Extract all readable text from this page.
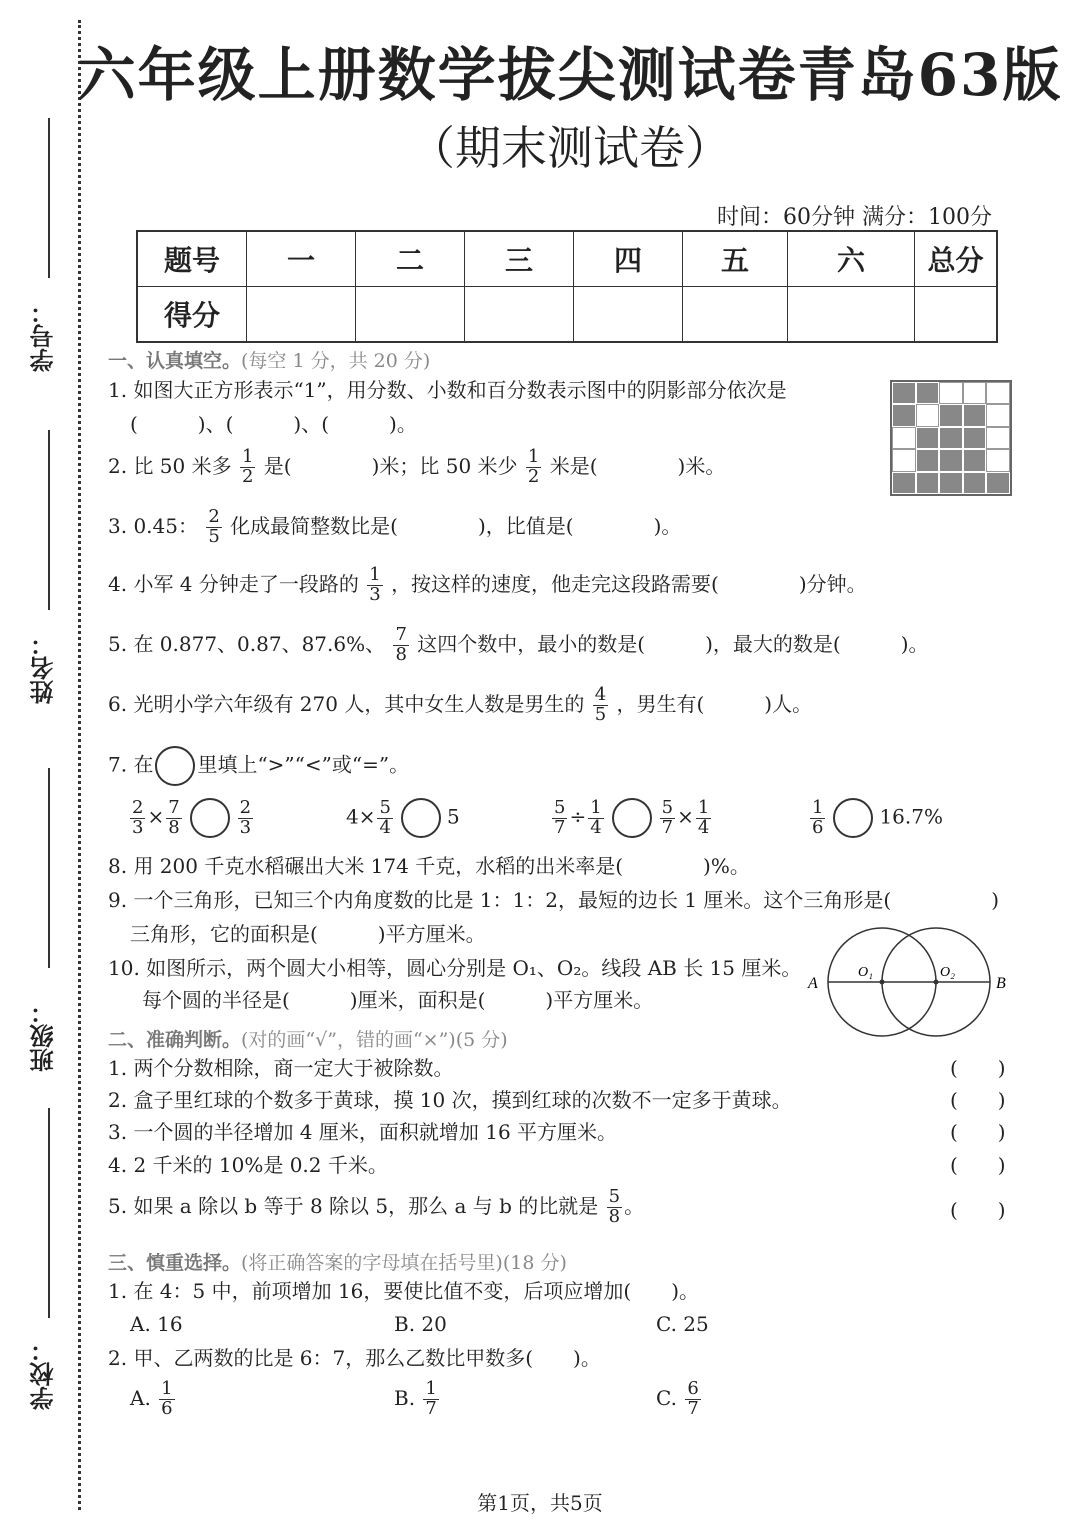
学号：
姓名：
班级：
学校：
六年级上册数学拔尖测试卷青岛63版
（期末测试卷）
时间：60分钟 满分：100分
题号	一	二	三	四	五	六	总分
得分							
一、认真填空。(每空 1 分，共 20 分)
1. 如图大正方形表示“1”，用分数、小数和百分数表示图中的阴影部分依次是
(　　　)、(　　　)、(　　　)。
2. 比 50 米多 $\frac{1}{2}$ 是(　　　　)米；比 50 米少 $\frac{1}{2}$ 米是(　　　　)米。
3. 0.45： $\frac{2}{5}$ 化成最简整数比是(　　　　)，比值是(　　　　)。
4. 小军 4 分钟走了一段路的 $\frac{1}{3}$ ，按这样的速度，他走完这段路需要(　　　　)分钟。
5. 在 0.877、0.87、87.6%、 $\frac{7}{8}$ 这四个数中，最小的数是(　　　)，最大的数是(　　　)。
6. 光明小学六年级有 270 人，其中女生人数是男生的 $\frac{4}{5}$ ，男生有(　　　)人。
7. 在 里填上“>”“<”或“=”。
$\frac{2}{3} \times \frac{7}{8}$	$\frac{2}{3}$	$4\times \frac{5}{4}$	5	$\frac{5}{7} \div \frac{1}{4}$	$\frac{5}{7} \times \frac{1}{4}$	$\frac{1}{6}$	16.7%
8. 用 200 千克水稻碾出大米 174 千克，水稻的出米率是(　　　　)%。
9. 一个三角形，已知三个内角度数的比是 1：1：2，最短的边长 1 厘米。这个三角形是(　　　　　)
三角形，它的面积是(　　　)平方厘米。
10. 如图所示，两个圆大小相等，圆心分别是 O₁、O₂。线段 AB 长 15 厘米。
每个圆的半径是(　　　)厘米，面积是(　　　)平方厘米。
A	B
O₁	O₂
二、准确判断。(对的画“√”，错的画“×”)(5 分)
1. 两个分数相除，商一定大于被除数。	(　　)
2. 盒子里红球的个数多于黄球，摸 10 次，摸到红球的次数不一定多于黄球。	(　　)
3. 一个圆的半径增加 4 厘米，面积就增加 16 平方厘米。	(　　)
4. 2 千米的 10%是 0.2 千米。	(　　)
5. 如果 a 除以 b 等于 8 除以 5，那么 a 与 b 的比就是 $\frac{5}{8}$ 。	(　　)
三、慎重选择。(将正确答案的字母填在括号里)(18 分)
1. 在 4：5 中，前项增加 16，要使比值不变，后项应增加(　　)。
A. 16	B. 20	C. 25
2. 甲、乙两数的比是 6：7，那么乙数比甲数多(　　)。
A. $\frac{1}{6}$	B. $\frac{1}{7}$	C. $\frac{6}{7}$
第1页，共5页
